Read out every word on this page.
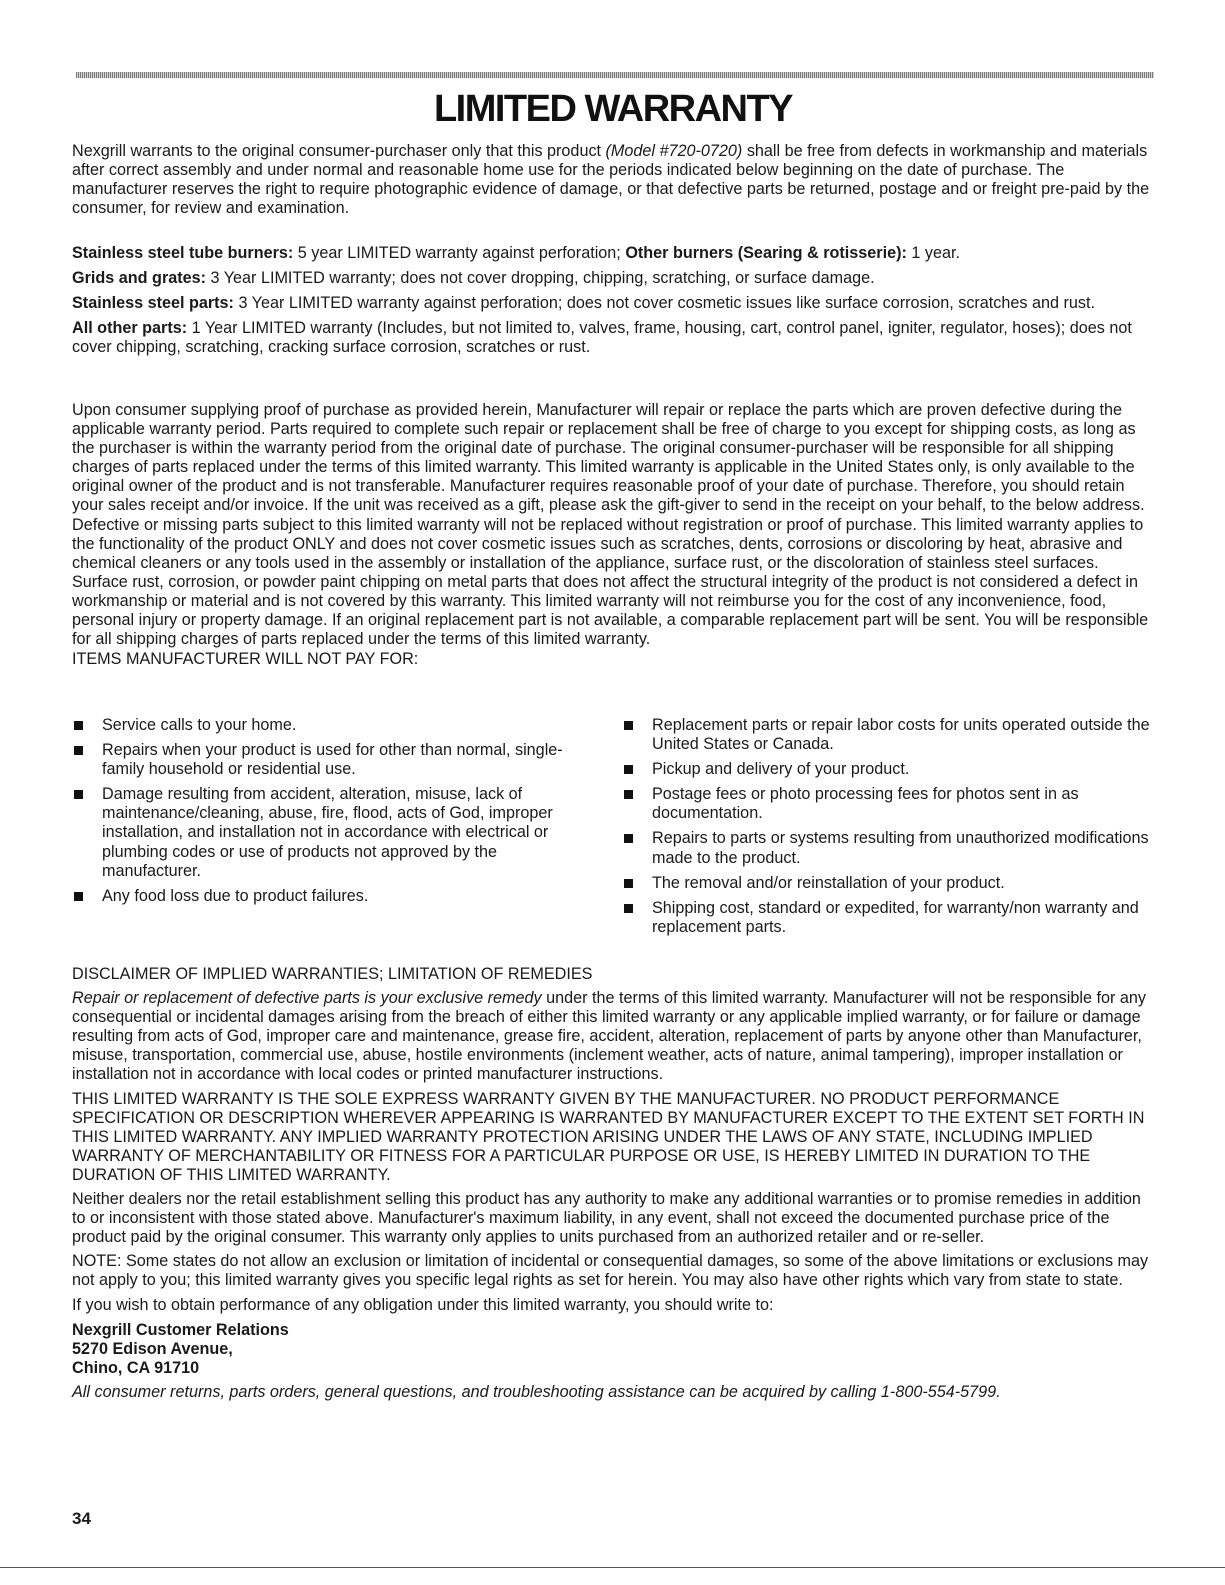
LIMITED WARRANTY

Nexgrill warrants to the original consumer-purchaser only that this product (Model #720-0720) shall be free from defects in workmanship and materials after correct assembly and under normal and reasonable home use for the periods indicated below beginning on the date of purchase. The manufacturer reserves the right to require photographic evidence of damage, or that defective parts be returned, postage and or freight pre-paid by the consumer, for review and examination.

Stainless steel tube burners: 5 year LIMITED warranty against perforation; Other burners (Searing & rotisserie): 1 year.

Grids and grates: 3 Year LIMITED warranty; does not cover dropping, chipping, scratching, or surface damage.

Stainless steel parts: 3 Year LIMITED warranty against perforation; does not cover cosmetic issues like surface corrosion, scratches and rust.

All other parts: 1 Year LIMITED warranty (Includes, but not limited to, valves, frame, housing, cart, control panel, igniter, regulator, hoses); does not cover chipping, scratching, cracking surface corrosion, scratches or rust.

Upon consumer supplying proof of purchase as provided herein, Manufacturer will repair or replace the parts which are proven defective during the applicable warranty period. Parts required to complete such repair or replacement shall be free of charge to you except for shipping costs, as long as the purchaser is within the warranty period from the original date of purchase. The original consumer-purchaser will be responsible for all shipping charges of parts replaced under the terms of this limited warranty. This limited warranty is applicable in the United States only, is only available to the original owner of the product and is not transferable. Manufacturer requires reasonable proof of your date of purchase. Therefore, you should retain your sales receipt and/or invoice. If the unit was received as a gift, please ask the gift-giver to send in the receipt on your behalf, to the below address. Defective or missing parts subject to this limited warranty will not be replaced without registration or proof of purchase. This limited warranty applies to the functionality of the product ONLY and does not cover cosmetic issues such as scratches, dents, corrosions or discoloring by heat, abrasive and chemical cleaners or any tools used in the assembly or installation of the appliance, surface rust, or the discoloration of stainless steel surfaces. Surface rust, corrosion, or powder paint chipping on metal parts that does not affect the structural integrity of the product is not considered a defect in workmanship or material and is not covered by this warranty. This limited warranty will not reimburse you for the cost of any inconvenience, food, personal injury or property damage. If an original replacement part is not available, a comparable replacement part will be sent. You will be responsible for all shipping charges of parts replaced under the terms of this limited warranty.

ITEMS MANUFACTURER WILL NOT PAY FOR:

Service calls to your home.
Repairs when your product is used for other than normal, single-family household or residential use.
Damage resulting from accident, alteration, misuse, lack of maintenance/cleaning, abuse, fire, flood, acts of God, improper installation, and installation not in accordance with electrical or plumbing codes or use of products not approved by the manufacturer.
Any food loss due to product failures.
Replacement parts or repair labor costs for units operated outside the United States or Canada.
Pickup and delivery of your product.
Postage fees or photo processing fees for photos sent in as documentation.
Repairs to parts or systems resulting from unauthorized modifications made to the product.
The removal and/or reinstallation of your product.
Shipping cost, standard or expedited, for warranty/non warranty and replacement parts.

DISCLAIMER OF IMPLIED WARRANTIES; LIMITATION OF REMEDIES

Repair or replacement of defective parts is your exclusive remedy under the terms of this limited warranty. Manufacturer will not be responsible for any consequential or incidental damages arising from the breach of either this limited warranty or any applicable implied warranty, or for failure or damage resulting from acts of God, improper care and maintenance, grease fire, accident, alteration, replacement of parts by anyone other than Manufacturer, misuse, transportation, commercial use, abuse, hostile environments (inclement weather, acts of nature, animal tampering), improper installation or installation not in accordance with local codes or printed manufacturer instructions.

THIS LIMITED WARRANTY IS THE SOLE EXPRESS WARRANTY GIVEN BY THE MANUFACTURER. NO PRODUCT PERFORMANCE SPECIFICATION OR DESCRIPTION WHEREVER APPEARING IS WARRANTED BY MANUFACTURER EXCEPT TO THE EXTENT SET FORTH IN THIS LIMITED WARRANTY. ANY IMPLIED WARRANTY PROTECTION ARISING UNDER THE LAWS OF ANY STATE, INCLUDING IMPLIED WARRANTY OF MERCHANTABILITY OR FITNESS FOR A PARTICULAR PURPOSE OR USE, IS HEREBY LIMITED IN DURATION TO THE DURATION OF THIS LIMITED WARRANTY.

Neither dealers nor the retail establishment selling this product has any authority to make any additional warranties or to promise remedies in addition to or inconsistent with those stated above. Manufacturer's maximum liability, in any event, shall not exceed the documented purchase price of the product paid by the original consumer. This warranty only applies to units purchased from an authorized retailer and or re-seller.

NOTE: Some states do not allow an exclusion or limitation of incidental or consequential damages, so some of the above limitations or exclusions may not apply to you; this limited warranty gives you specific legal rights as set for herein. You may also have other rights which vary from state to state.

If you wish to obtain performance of any obligation under this limited warranty, you should write to:

Nexgrill Customer Relations
5270 Edison Avenue,
Chino, CA 91710

All consumer returns, parts orders, general questions, and troubleshooting assistance can be acquired by calling 1-800-554-5799.

34
